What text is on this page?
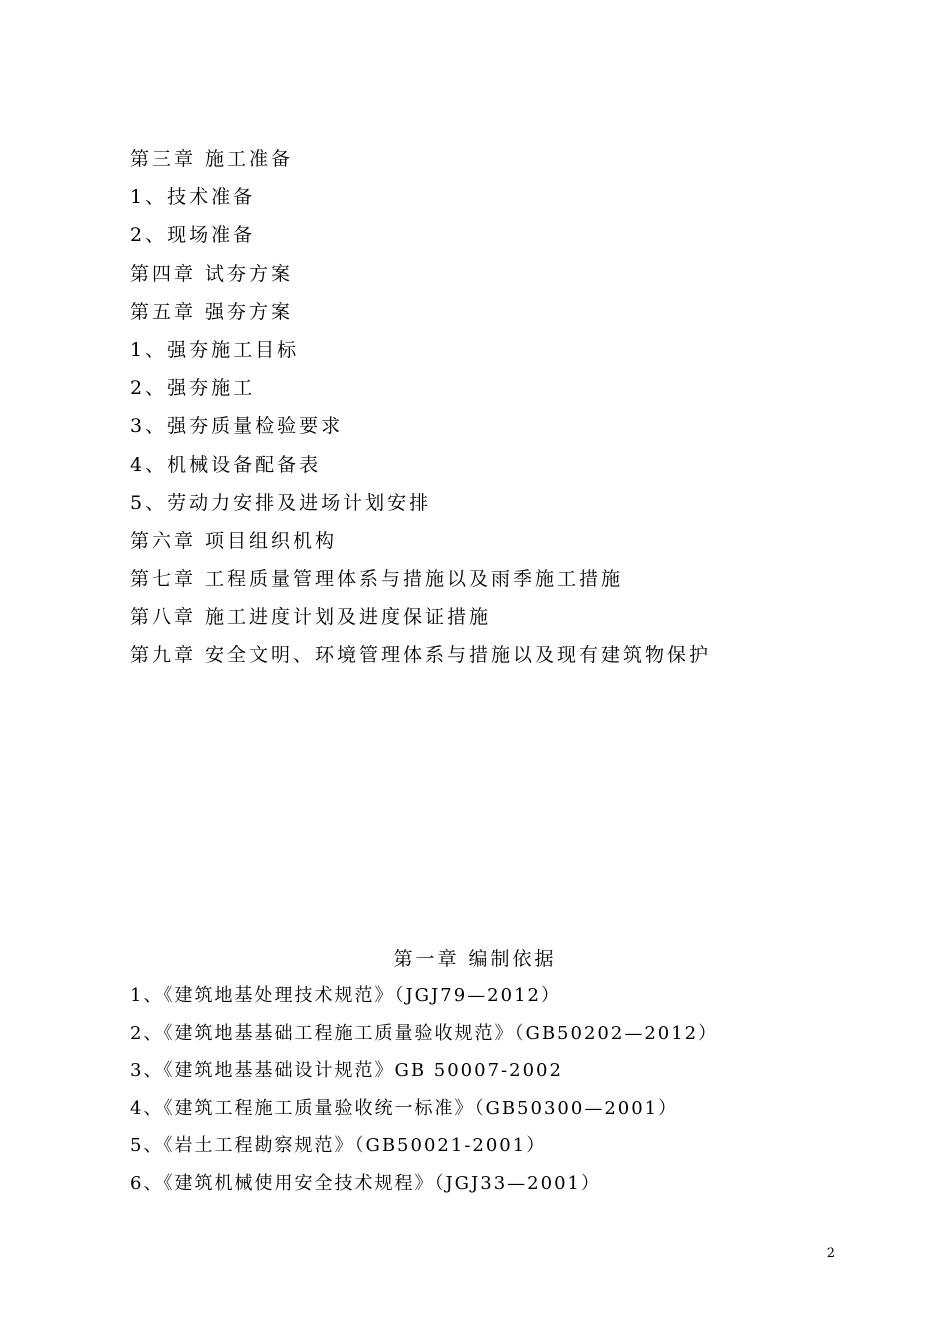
第三章 施工准备
1、技术准备
2、现场准备
第四章 试夯方案
第五章 强夯方案
1、强夯施工目标
2、强夯施工
3、强夯质量检验要求
4、机械设备配备表
5、劳动力安排及进场计划安排
第六章 项目组织机构
第七章 工程质量管理体系与措施以及雨季施工措施
第八章 施工进度计划及进度保证措施
第九章 安全文明、环境管理体系与措施以及现有建筑物保护
第一章 编制依据
1、《建筑地基处理技术规范》（JGJ79—2012）
2、《建筑地基基础工程施工质量验收规范》（GB50202—2012）
3、《建筑地基基础设计规范》GB 50007-2002
4、《建筑工程施工质量验收统一标准》（GB50300—2001）
5、《岩土工程勘察规范》（GB50021-2001）
6、《建筑机械使用安全技术规程》（JGJ33—2001）
2
